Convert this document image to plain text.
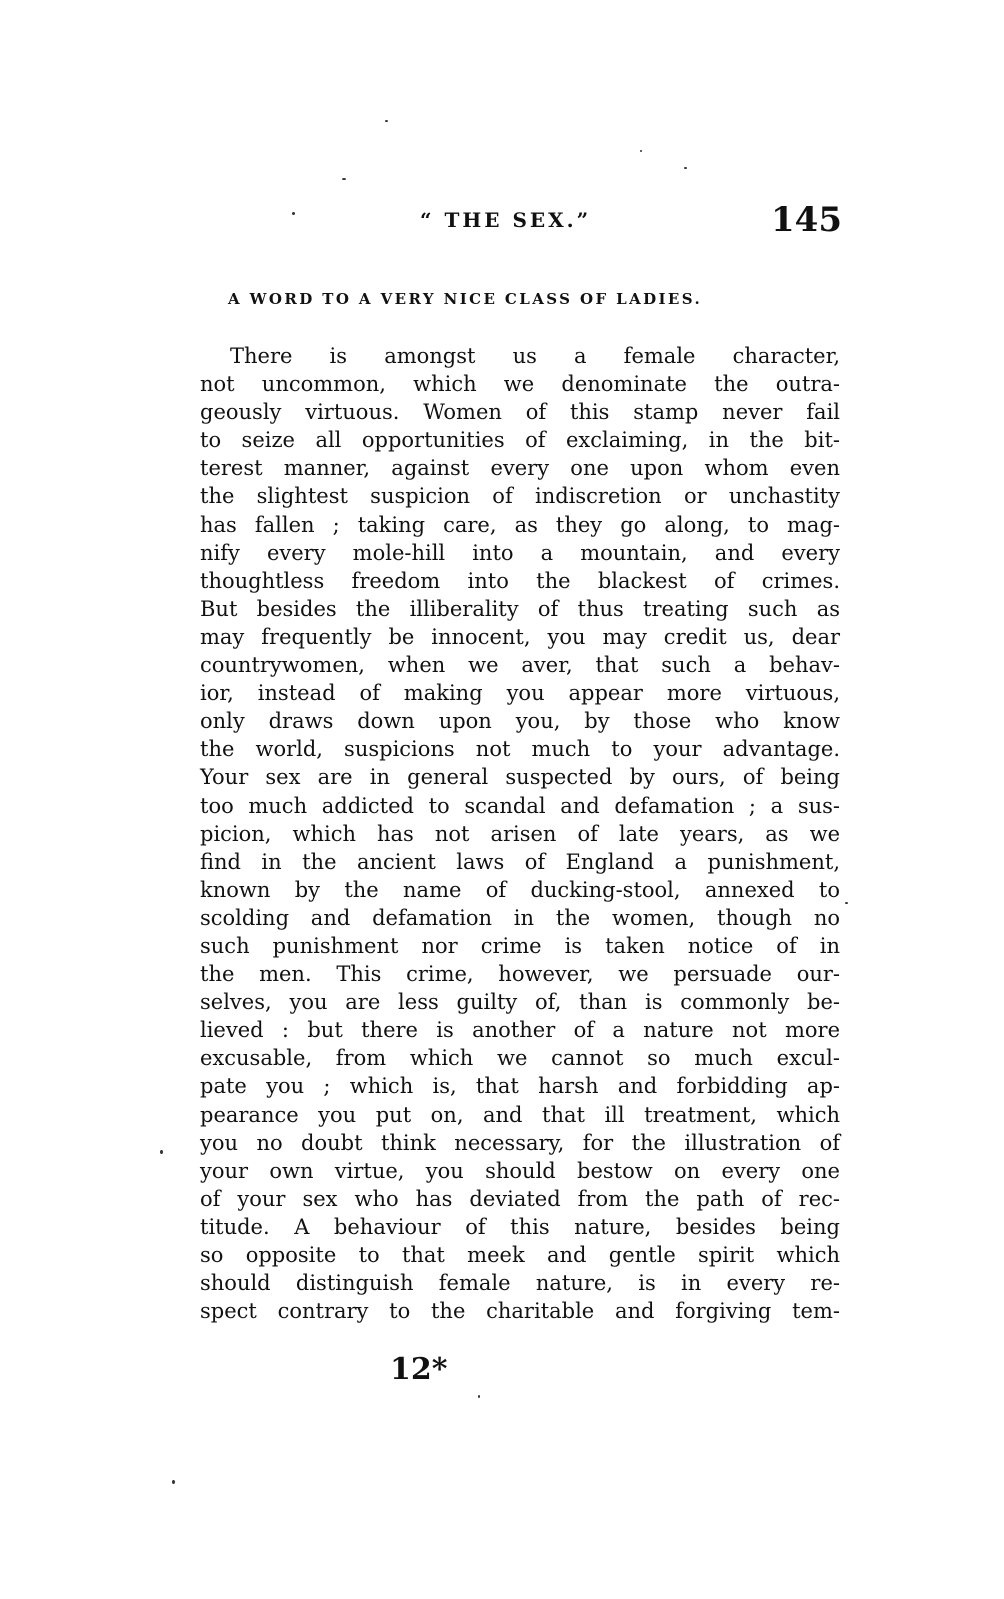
“ THE SEX.”	145
A WORD TO A VERY NICE CLASS OF LADIES.
There is amongst us a female character,
not uncommon, which we denominate the outra-
geously virtuous. Women of this stamp never fail
to seize all opportunities of exclaiming, in the bit-
terest manner, against every one upon whom even
the slightest suspicion of indiscretion or unchastity
has fallen ; taking care, as they go along, to mag-
nify every mole-hill into a mountain, and every
thoughtless freedom into the blackest of crimes.
But besides the illiberality of thus treating such as
may frequently be innocent, you may credit us, dear
countrywomen, when we aver, that such a behav-
ior, instead of making you appear more virtuous,
only draws down upon you, by those who know
the world, suspicions not much to your advantage.
Your sex are in general suspected by ours, of being
too much addicted to scandal and defamation ; a sus-
picion, which has not arisen of late years, as we
find in the ancient laws of England a punishment,
known by the name of ducking-stool, annexed to
scolding and defamation in the women, though no
such punishment nor crime is taken notice of in
the men. This crime, however, we persuade our-
selves, you are less guilty of, than is commonly be-
lieved : but there is another of a nature not more
excusable, from which we cannot so much excul-
pate you ; which is, that harsh and forbidding ap-
pearance you put on, and that ill treatment, which
you no doubt think necessary, for the illustration of
your own virtue, you should bestow on every one
of your sex who has deviated from the path of rec-
titude. A behaviour of this nature, besides being
so opposite to that meek and gentle spirit which
should distinguish female nature, is in every re-
spect contrary to the charitable and forgiving tem-
12*
